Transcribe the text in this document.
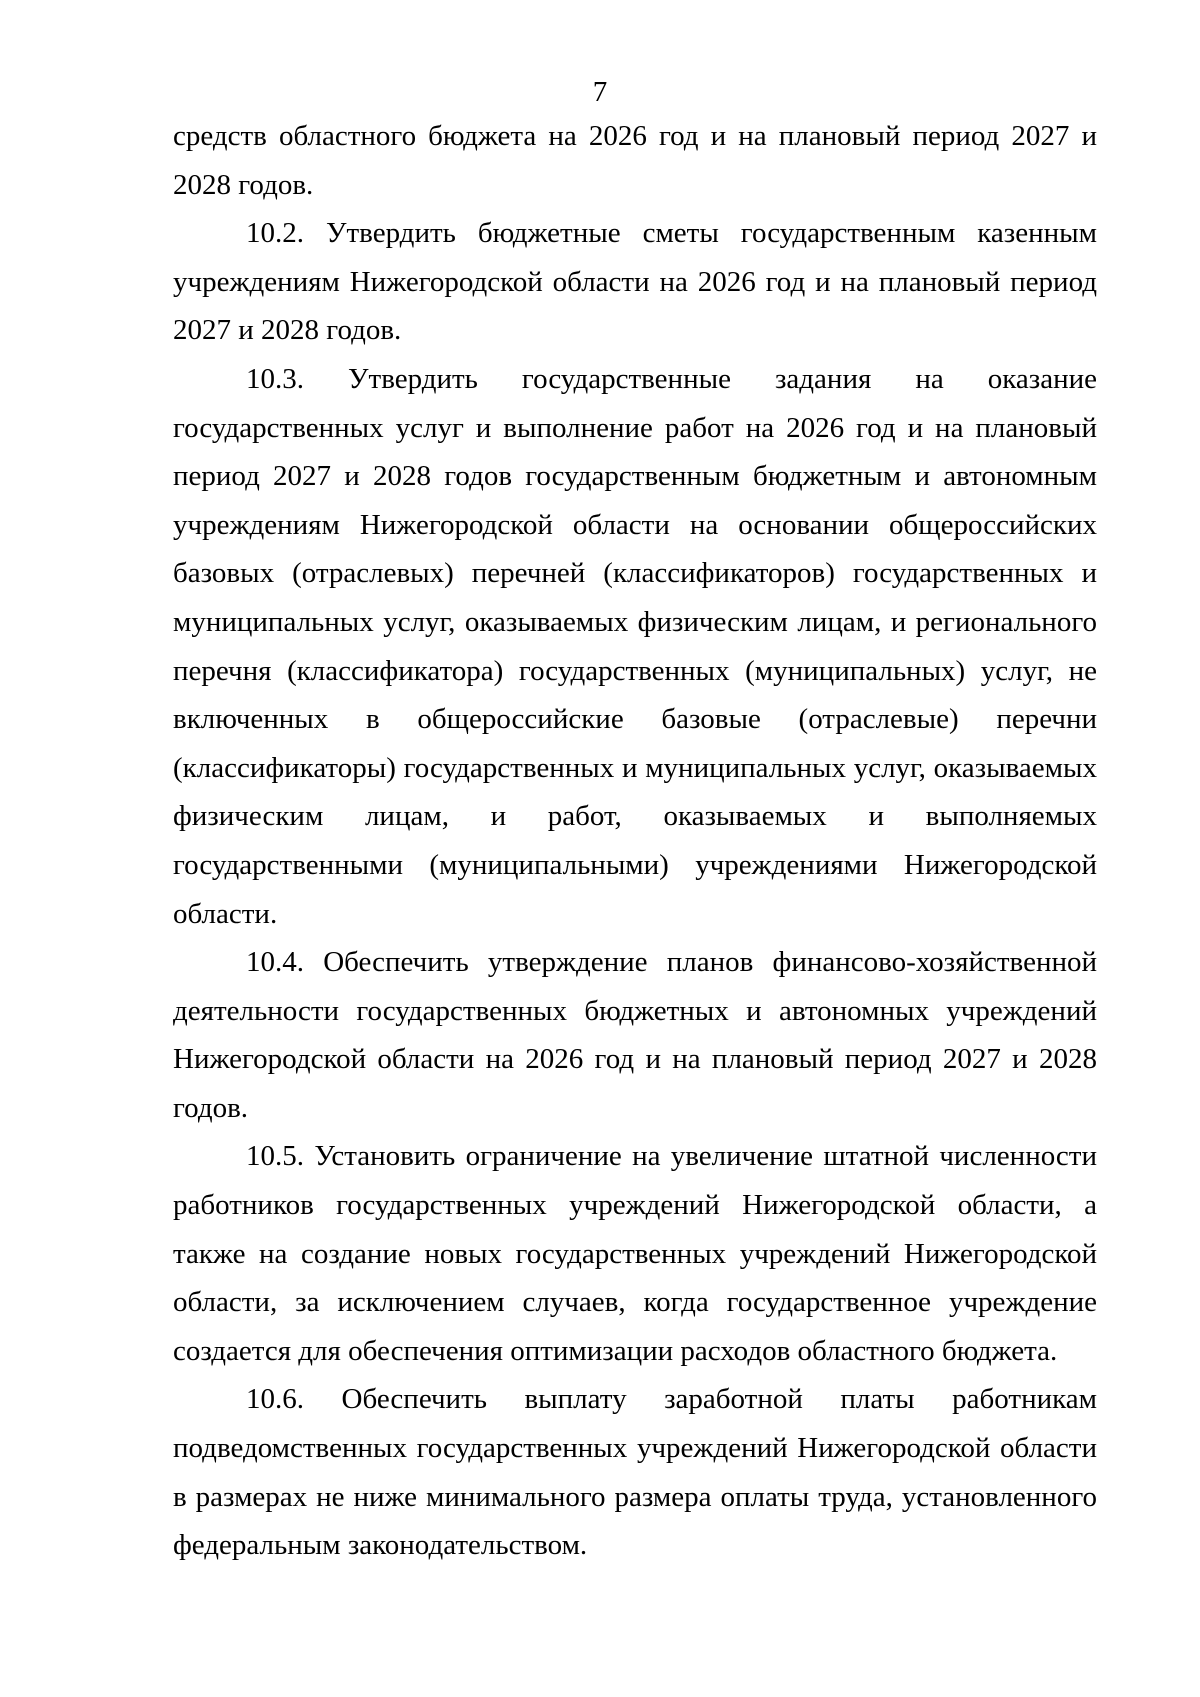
7

средств областного бюджета на 2026 год и на плановый период 2027 и 2028 годов.

10.2. Утвердить бюджетные сметы государственным казенным учреждениям Нижегородской области на 2026 год и на плановый период 2027 и 2028 годов.

10.3. Утвердить государственные задания на оказание государственных услуг и выполнение работ на 2026 год и на плановый период 2027 и 2028 годов государственным бюджетным и автономным учреждениям Нижегородской области на основании общероссийских базовых (отраслевых) перечней (классификаторов) государственных и муниципальных услуг, оказываемых физическим лицам, и регионального перечня (классификатора) государственных (муниципальных) услуг, не включенных в общероссийские базовые (отраслевые) перечни (классификаторы) государственных и муниципальных услуг, оказываемых физическим лицам, и работ, оказываемых и выполняемых государственными (муниципальными) учреждениями Нижегородской области.

10.4. Обеспечить утверждение планов финансово-хозяйственной деятельности государственных бюджетных и автономных учреждений Нижегородской области на 2026 год и на плановый период 2027 и 2028 годов.

10.5. Установить ограничение на увеличение штатной численности работников государственных учреждений Нижегородской области, а также на создание новых государственных учреждений Нижегородской области, за исключением случаев, когда государственное учреждение создается для обеспечения оптимизации расходов областного бюджета.

10.6. Обеспечить выплату заработной платы работникам подведомственных государственных учреждений Нижегородской области в размерах не ниже минимального размера оплаты труда, установленного федеральным законодательством.
